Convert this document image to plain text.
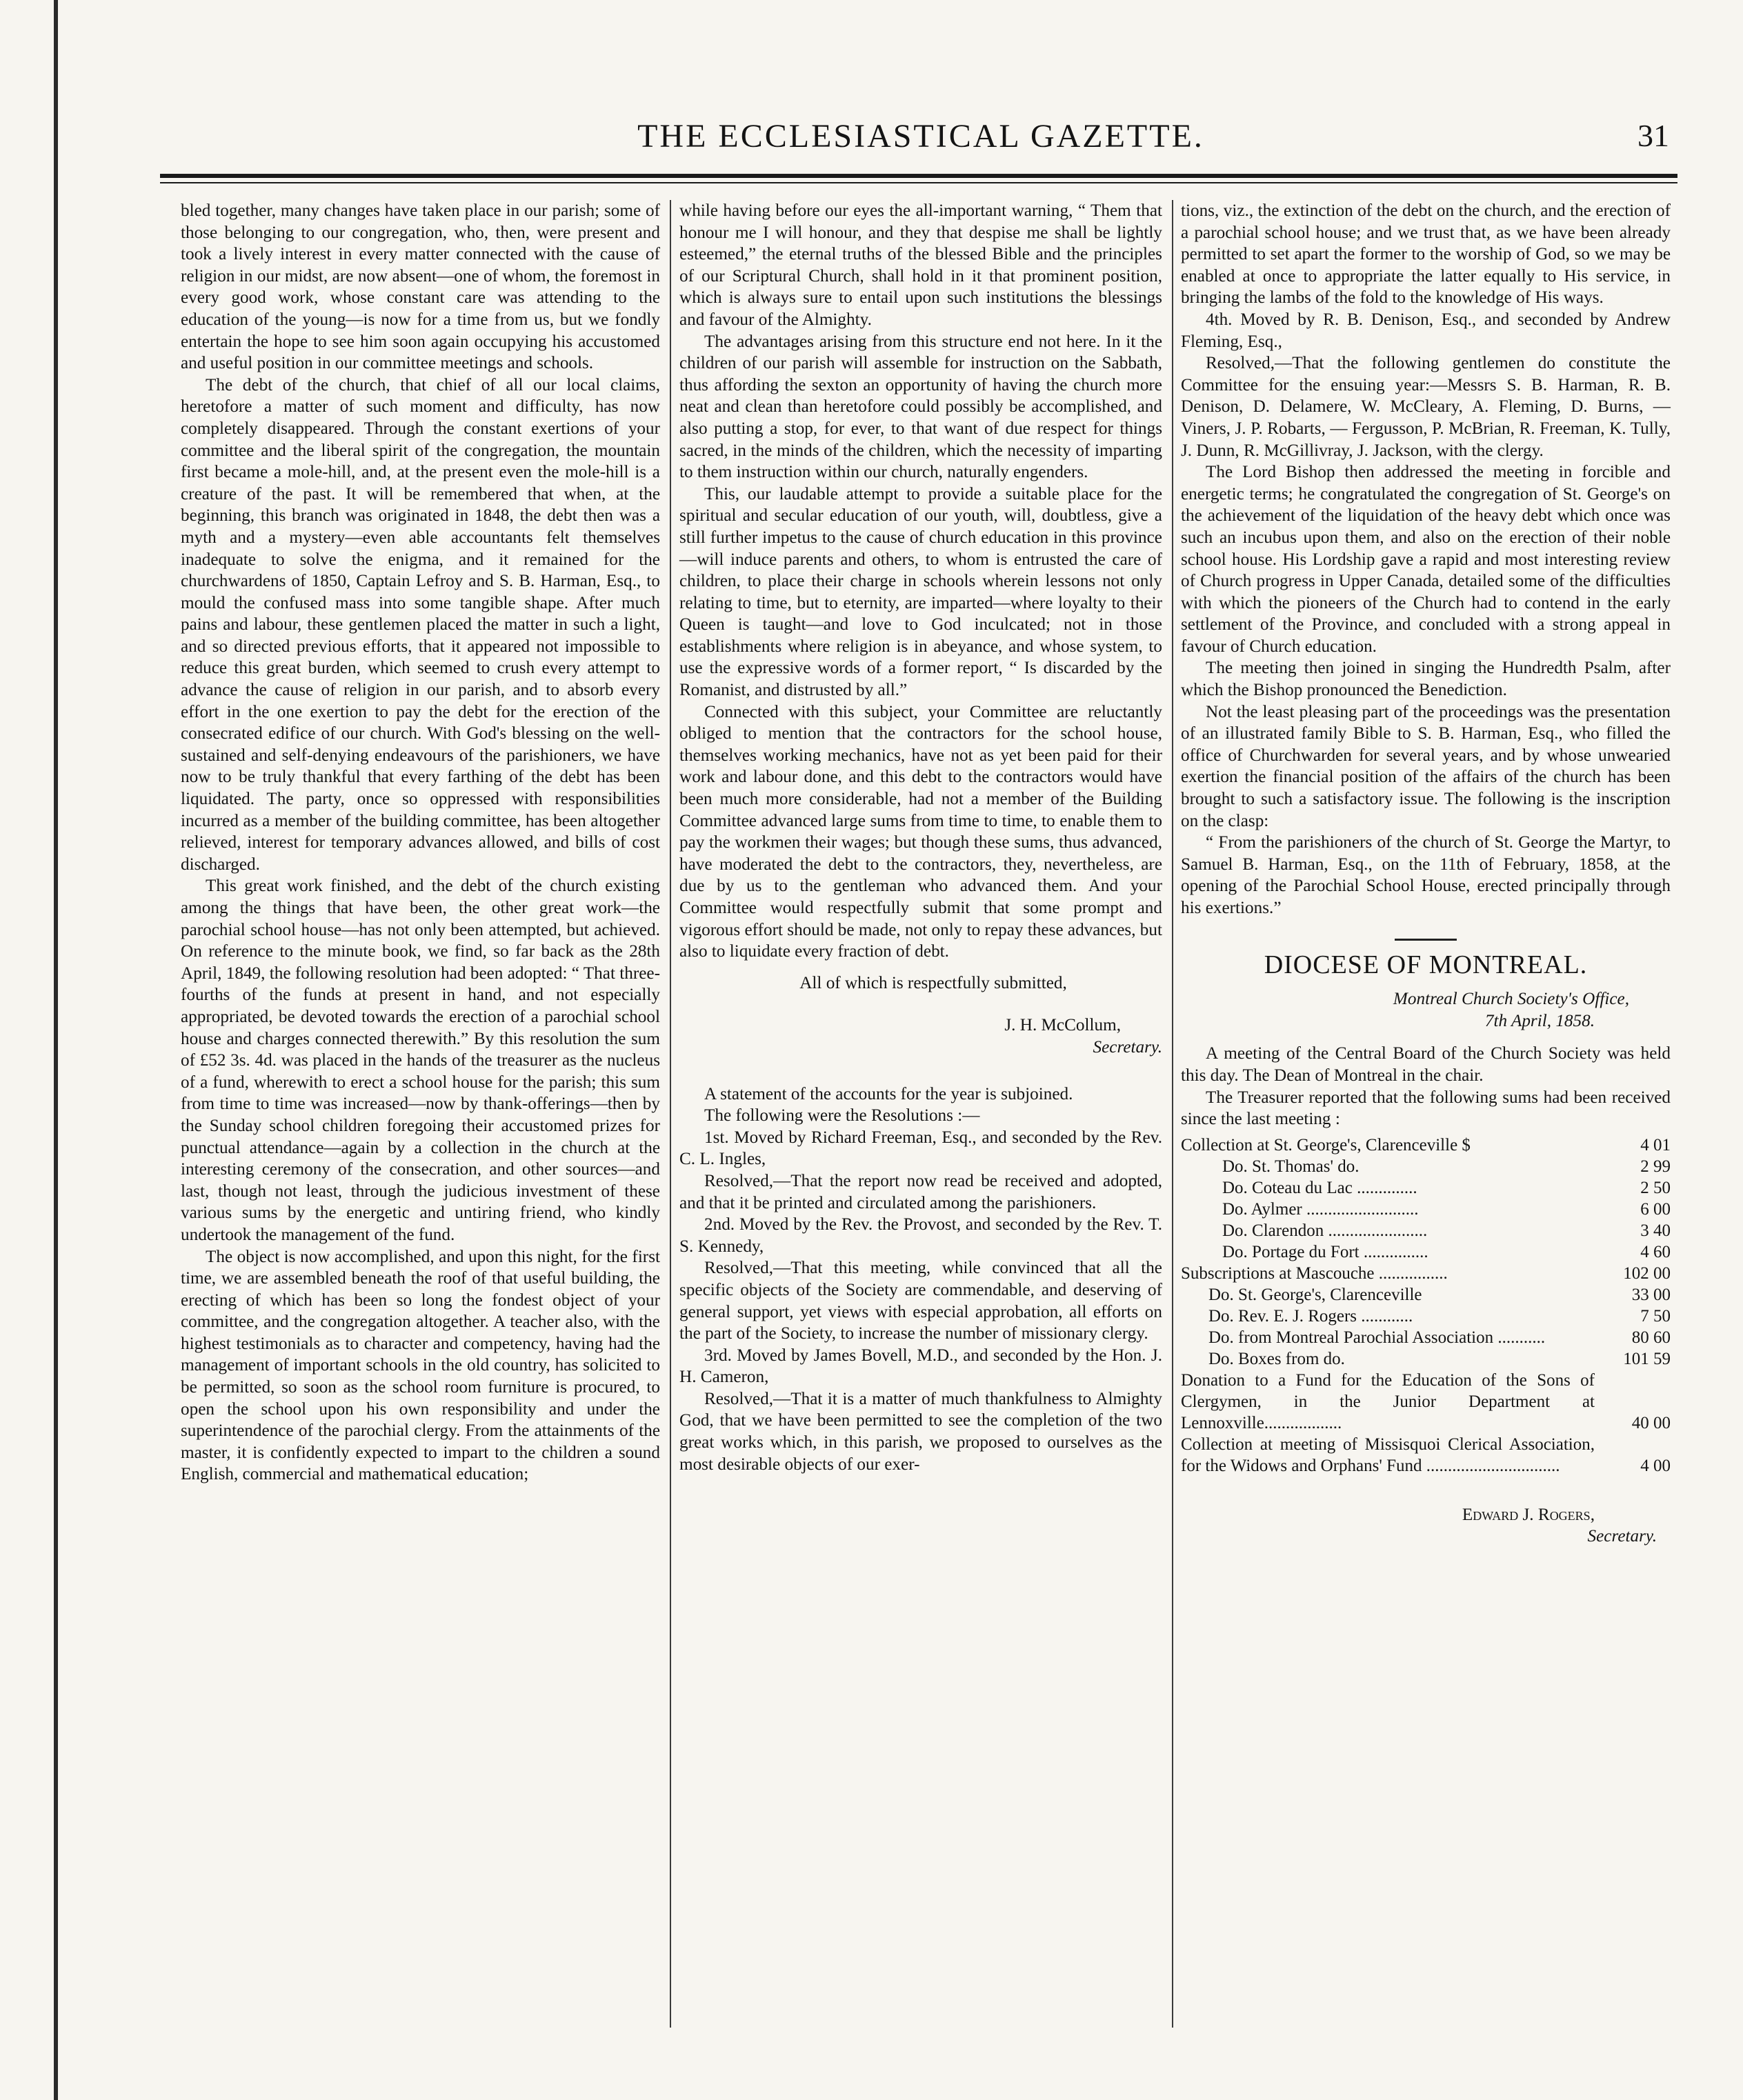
THE ECCLESIASTICAL GAZETTE.	31

bled together, many changes have taken place in our parish; some of those belonging to our congregation, who, then, were present and took a lively interest in every matter connected with the cause of religion in our midst, are now absent—one of whom, the foremost in every good work, whose constant care was attending to the education of the young—is now for a time from us, but we fondly entertain the hope to see him soon again occupying his accustomed and useful position in our committee meetings and schools.

The debt of the church, that chief of all our local claims, heretofore a matter of such moment and difficulty, has now completely disappeared. Through the constant exertions of your committee and the liberal spirit of the congregation, the mountain first became a mole-hill, and, at the present even the mole-hill is a creature of the past. It will be remembered that when, at the beginning, this branch was originated in 1848, the debt then was a myth and a mystery—even able accountants felt themselves inadequate to solve the enigma, and it remained for the churchwardens of 1850, Captain Lefroy and S. B. Harman, Esq., to mould the confused mass into some tangible shape. After much pains and labour, these gentlemen placed the matter in such a light, and so directed previous efforts, that it appeared not impossible to reduce this great burden, which seemed to crush every attempt to advance the cause of religion in our parish, and to absorb every effort in the one exertion to pay the debt for the erection of the consecrated edifice of our church. With God's blessing on the well-sustained and self-denying endeavours of the parishioners, we have now to be truly thankful that every farthing of the debt has been liquidated. The party, once so oppressed with responsibilities incurred as a member of the building committee, has been altogether relieved, interest for temporary advances allowed, and bills of cost discharged.

This great work finished, and the debt of the church existing among the things that have been, the other great work—the parochial school house—has not only been attempted, but achieved. On reference to the minute book, we find, so far back as the 28th April, 1849, the following resolution had been adopted: “ That three-fourths of the funds at present in hand, and not especially appropriated, be devoted towards the erection of a parochial school house and charges connected therewith.” By this resolution the sum of £52 3s. 4d. was placed in the hands of the treasurer as the nucleus of a fund, wherewith to erect a school house for the parish; this sum from time to time was increased—now by thank-offerings—then by the Sunday school children foregoing their accustomed prizes for punctual attendance—again by a collection in the church at the interesting ceremony of the consecration, and other sources—and last, though not least, through the judicious investment of these various sums by the energetic and untiring friend, who kindly undertook the management of the fund.

The object is now accomplished, and upon this night, for the first time, we are assembled beneath the roof of that useful building, the erecting of which has been so long the fondest object of your committee, and the congregation altogether. A teacher also, with the highest testimonials as to character and competency, having had the management of important schools in the old country, has solicited to be permitted, so soon as the school room furniture is procured, to open the school upon his own responsibility and under the superintendence of the parochial clergy. From the attainments of the master, it is confidently expected to impart to the children a sound English, commercial and mathematical education;

while having before our eyes the all-important warning, “ Them that honour me I will honour, and they that despise me shall be lightly esteemed,” the eternal truths of the blessed Bible and the principles of our Scriptural Church, shall hold in it that prominent position, which is always sure to entail upon such institutions the blessings and favour of the Almighty.

The advantages arising from this structure end not here. In it the children of our parish will assemble for instruction on the Sabbath, thus affording the sexton an opportunity of having the church more neat and clean than heretofore could possibly be accomplished, and also putting a stop, for ever, to that want of due respect for things sacred, in the minds of the children, which the necessity of imparting to them instruction within our church, naturally engenders.

This, our laudable attempt to provide a suitable place for the spiritual and secular education of our youth, will, doubtless, give a still further impetus to the cause of church education in this province—will induce parents and others, to whom is entrusted the care of children, to place their charge in schools wherein lessons not only relating to time, but to eternity, are imparted—where loyalty to their Queen is taught—and love to God inculcated; not in those establishments where religion is in abeyance, and whose system, to use the expressive words of a former report, “ Is discarded by the Romanist, and distrusted by all.”

Connected with this subject, your Committee are reluctantly obliged to mention that the contractors for the school house, themselves working mechanics, have not as yet been paid for their work and labour done, and this debt to the contractors would have been much more considerable, had not a member of the Building Committee advanced large sums from time to time, to enable them to pay the workmen their wages; but though these sums, thus advanced, have moderated the debt to the contractors, they, nevertheless, are due by us to the gentleman who advanced them. And your Committee would respectfully submit that some prompt and vigorous effort should be made, not only to repay these advances, but also to liquidate every fraction of debt.

All of which is respectfully submitted,

J. H. McCollum,

Secretary.

A statement of the accounts for the year is subjoined.

The following were the Resolutions :—

1st. Moved by Richard Freeman, Esq., and seconded by the Rev. C. L. Ingles,

Resolved,—That the report now read be received and adopted, and that it be printed and circulated among the parishioners.

2nd. Moved by the Rev. the Provost, and seconded by the Rev. T. S. Kennedy,

Resolved,—That this meeting, while convinced that all the specific objects of the Society are commendable, and deserving of general support, yet views with especial approbation, all efforts on the part of the Society, to increase the number of missionary clergy.

3rd. Moved by James Bovell, M.D., and seconded by the Hon. J. H. Cameron,

Resolved,—That it is a matter of much thankfulness to Almighty God, that we have been permitted to see the completion of the two great works which, in this parish, we proposed to ourselves as the most desirable objects of our exer-

tions, viz., the extinction of the debt on the church, and the erection of a parochial school house; and we trust that, as we have been already permitted to set apart the former to the worship of God, so we may be enabled at once to appropriate the latter equally to His service, in bringing the lambs of the fold to the knowledge of His ways.

4th. Moved by R. B. Denison, Esq., and seconded by Andrew Fleming, Esq.,

Resolved,—That the following gentlemen do constitute the Committee for the ensuing year:—Messrs S. B. Harman, R. B. Denison, D. Delamere, W. McCleary, A. Fleming, D. Burns, — Viners, J. P. Robarts, — Fergusson, P. McBrian, R. Freeman, K. Tully, J. Dunn, R. McGillivray, J. Jackson, with the clergy.

The Lord Bishop then addressed the meeting in forcible and energetic terms; he congratulated the congregation of St. George's on the achievement of the liquidation of the heavy debt which once was such an incubus upon them, and also on the erection of their noble school house. His Lordship gave a rapid and most interesting review of Church progress in Upper Canada, detailed some of the difficulties with which the pioneers of the Church had to contend in the early settlement of the Province, and concluded with a strong appeal in favour of Church education.

The meeting then joined in singing the Hundredth Psalm, after which the Bishop pronounced the Benediction.

Not the least pleasing part of the proceedings was the presentation of an illustrated family Bible to S. B. Harman, Esq., who filled the office of Churchwarden for several years, and by whose unwearied exertion the financial position of the affairs of the church has been brought to such a satisfactory issue. The following is the inscription on the clasp:

“ From the parishioners of the church of St. George the Martyr, to Samuel B. Harman, Esq., on the 11th of February, 1858, at the opening of the Parochial School House, erected principally through his exertions.”

DIOCESE OF MONTREAL.
Montreal Church Society's Office,
7th April, 1858.

A meeting of the Central Board of the Church Society was held this day. The Dean of Montreal in the chair.

The Treasurer reported that the following sums had been received since the last meeting :

Collection at St. George's, Clarenceville $	4 01
Do. St. Thomas' do.	2 99
Do. Coteau du Lac ..............	2 50
Do. Aylmer ..........................	6 00
Do. Clarendon .......................	3 40
Do. Portage du Fort ...............	4 60
Subscriptions at Mascouche ................	102 00
Do. St. George's, Clarenceville	33 00
Do. Rev. E. J. Rogers ............	7 50
Do. from Montreal Parochial Association ...........	80 60
Do. Boxes from do.	101 59
Donation to a Fund for the Education of the Sons of Clergymen, in the Junior Department at Lennoxville..................	40 00
Collection at meeting of Missisquoi Clerical Association, for the Widows and Orphans' Fund ...............................	4 00
Edward J. Rogers,
Secretary.
